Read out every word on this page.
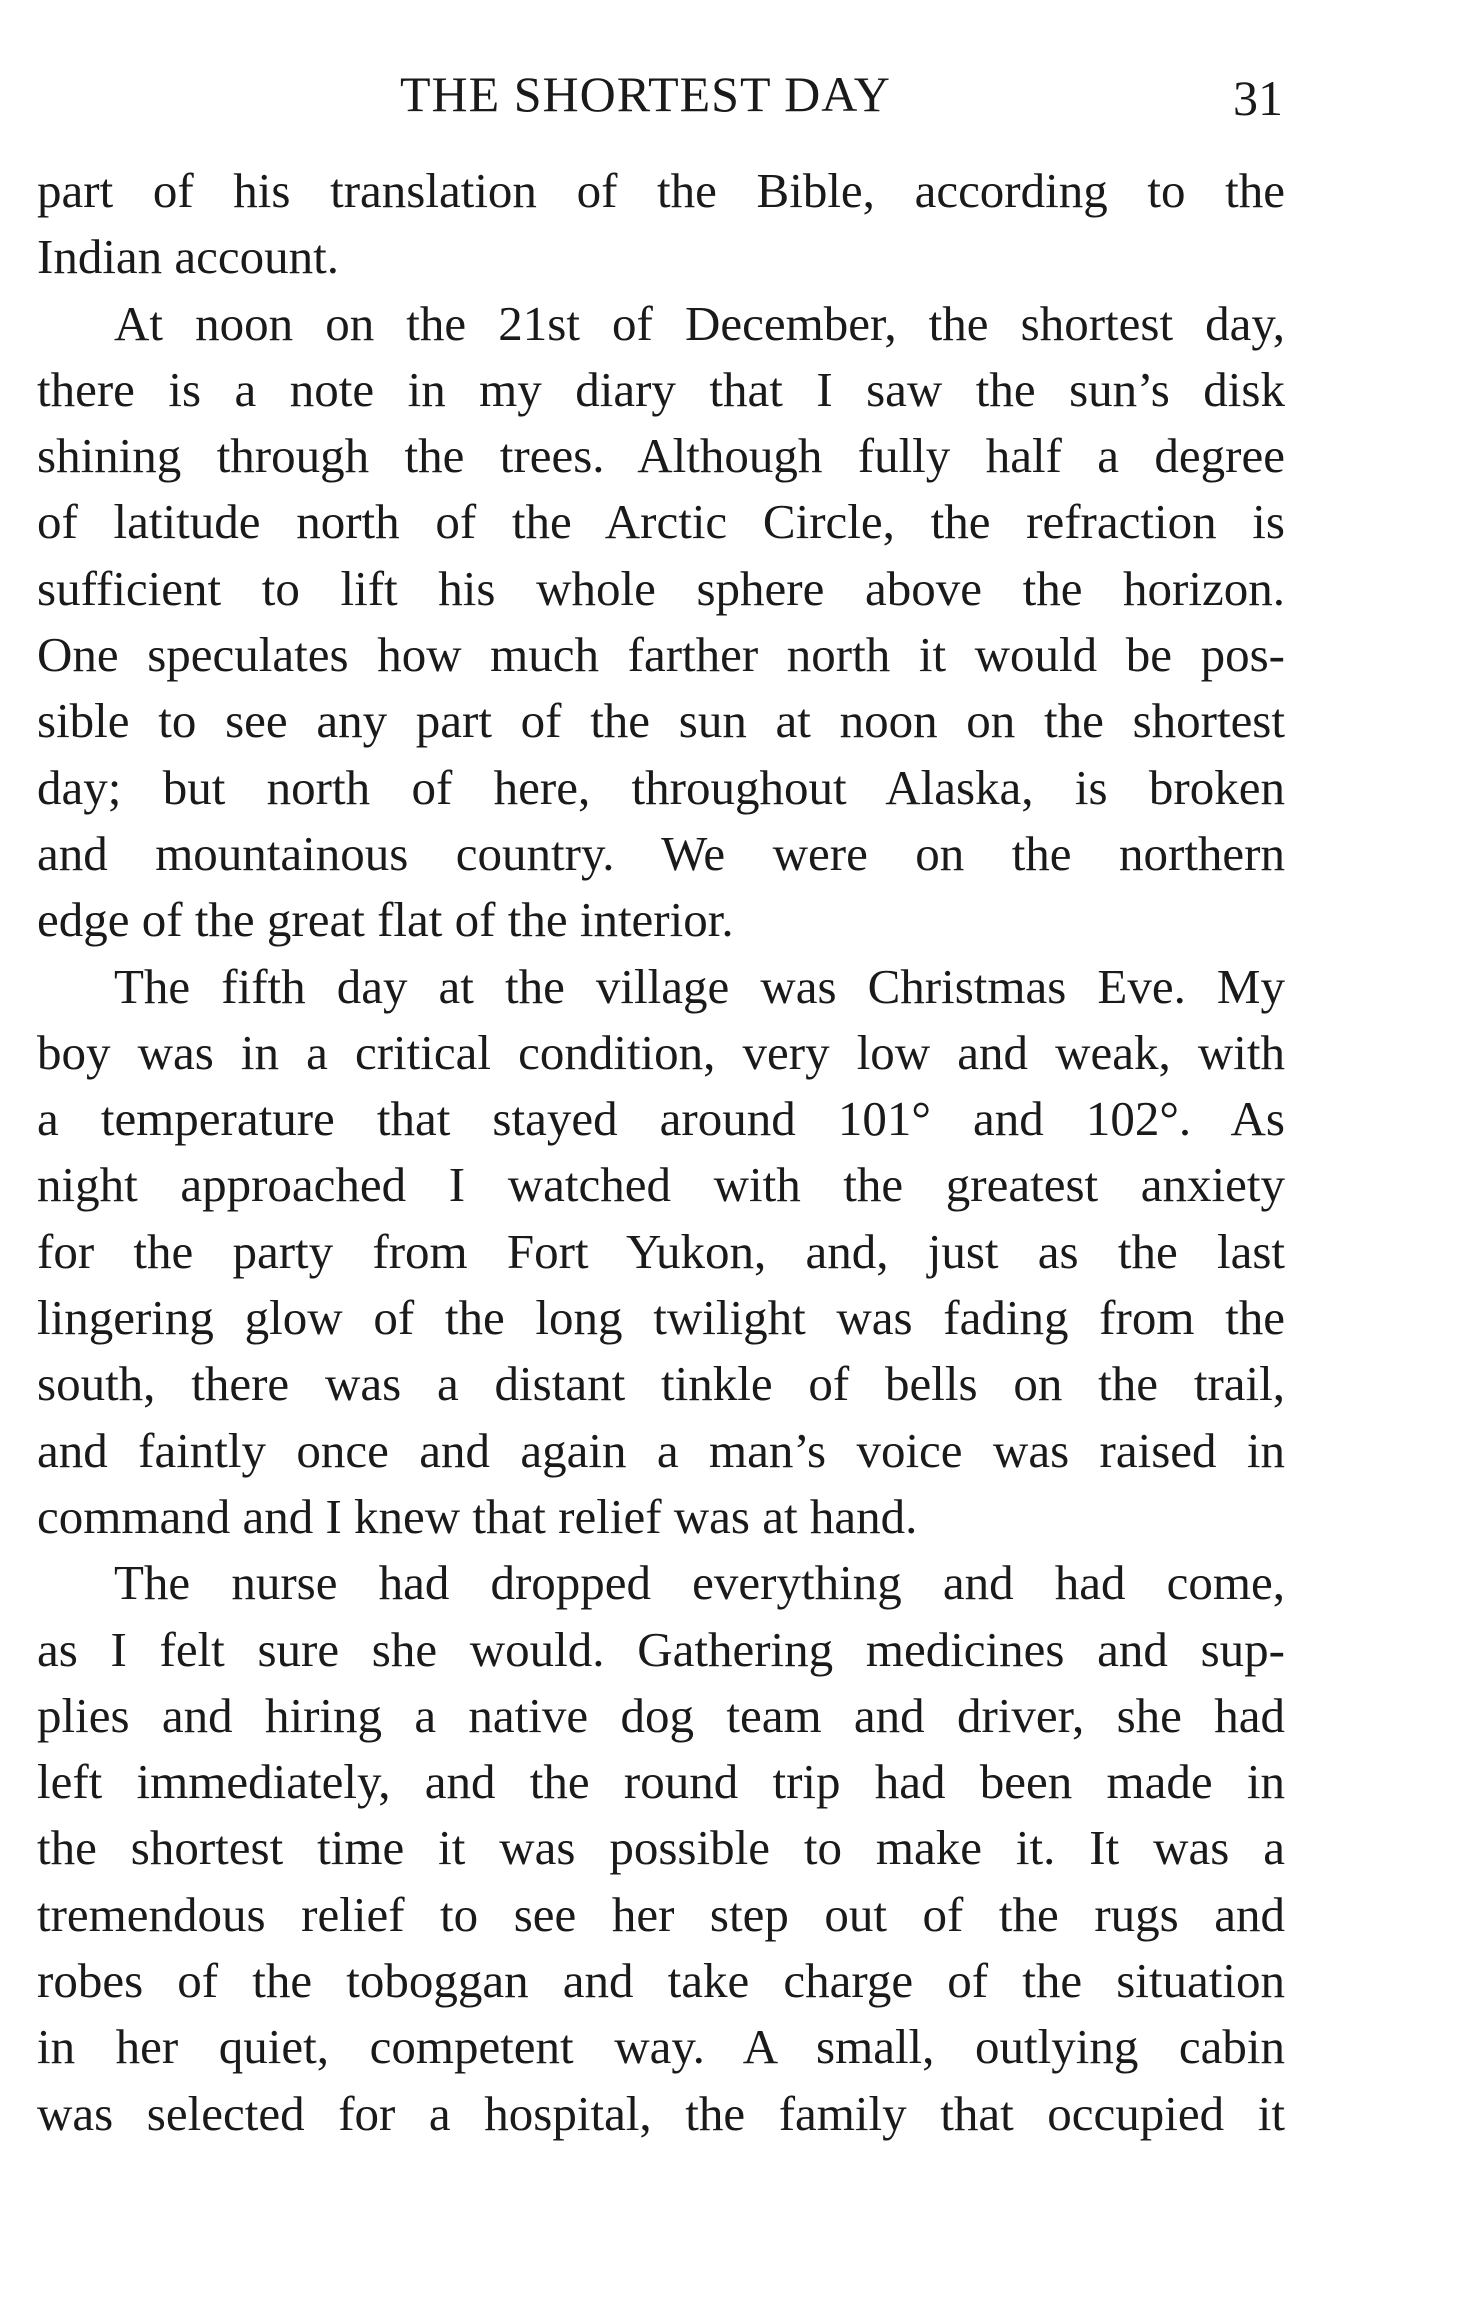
THE SHORTEST DAY	31
part of his translation of the Bible, according to the
Indian account.
At noon on the 21st of December, the shortest day,
there is a note in my diary that I saw the sun’s disk
shining through the trees. Although fully half a degree
of latitude north of the Arctic Circle, the refraction is
sufficient to lift his whole sphere above the horizon.
One speculates how much farther north it would be pos-
sible to see any part of the sun at noon on the shortest
day; but north of here, throughout Alaska, is broken
and mountainous country. We were on the northern
edge of the great flat of the interior.
The fifth day at the village was Christmas Eve. My
boy was in a critical condition, very low and weak, with
a temperature that stayed around 101° and 102°. As
night approached I watched with the greatest anxiety
for the party from Fort Yukon, and, just as the last
lingering glow of the long twilight was fading from the
south, there was a distant tinkle of bells on the trail,
and faintly once and again a man’s voice was raised in
command and I knew that relief was at hand.
The nurse had dropped everything and had come,
as I felt sure she would. Gathering medicines and sup-
plies and hiring a native dog team and driver, she had
left immediately, and the round trip had been made in
the shortest time it was possible to make it. It was a
tremendous relief to see her step out of the rugs and
robes of the toboggan and take charge of the situation
in her quiet, competent way. A small, outlying cabin
was selected for a hospital, the family that occupied it
